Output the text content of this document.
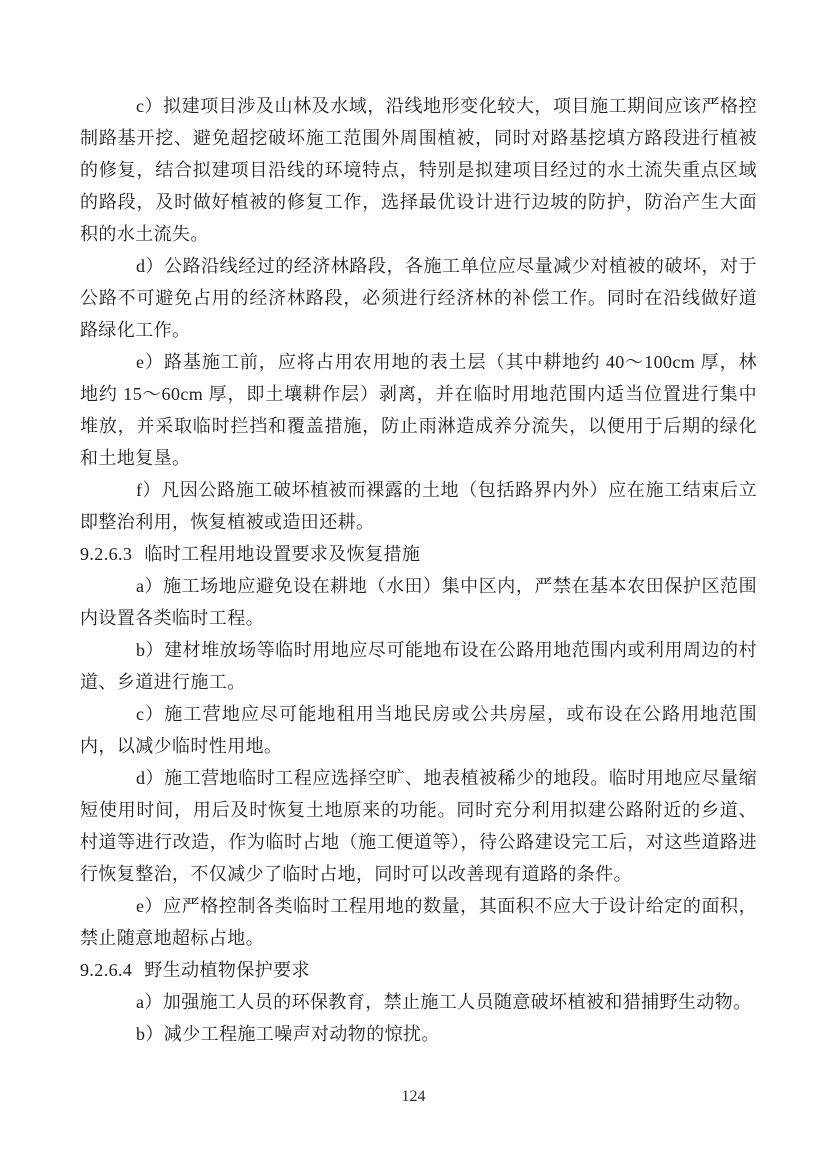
c）拟建项目涉及山林及水域，沿线地形变化较大，项目施工期间应该严格控制路基开挖、避免超挖破坏施工范围外周围植被，同时对路基挖填方路段进行植被的修复，结合拟建项目沿线的环境特点，特别是拟建项目经过的水土流失重点区域的路段，及时做好植被的修复工作，选择最优设计进行边坡的防护，防治产生大面积的水土流失。

d）公路沿线经过的经济林路段，各施工单位应尽量减少对植被的破坏，对于公路不可避免占用的经济林路段，必须进行经济林的补偿工作。同时在沿线做好道路绿化工作。

e）路基施工前，应将占用农用地的表土层（其中耕地约 40～100cm 厚，林地约 15～60cm 厚，即土壤耕作层）剥离，并在临时用地范围内适当位置进行集中堆放，并采取临时拦挡和覆盖措施，防止雨淋造成养分流失，以便用于后期的绿化和土地复垦。

f）凡因公路施工破坏植被而裸露的土地（包括路界内外）应在施工结束后立即整治利用，恢复植被或造田还耕。

9.2.6.3 临时工程用地设置要求及恢复措施

a）施工场地应避免设在耕地（水田）集中区内，严禁在基本农田保护区范围内设置各类临时工程。

b）建材堆放场等临时用地应尽可能地布设在公路用地范围内或利用周边的村道、乡道进行施工。

c）施工营地应尽可能地租用当地民房或公共房屋，或布设在公路用地范围内，以减少临时性用地。

d）施工营地临时工程应选择空旷、地表植被稀少的地段。临时用地应尽量缩短使用时间，用后及时恢复土地原来的功能。同时充分利用拟建公路附近的乡道、村道等进行改造，作为临时占地（施工便道等），待公路建设完工后，对这些道路进行恢复整治，不仅减少了临时占地，同时可以改善现有道路的条件。

e）应严格控制各类临时工程用地的数量，其面积不应大于设计给定的面积，禁止随意地超标占地。

9.2.6.4 野生动植物保护要求

a）加强施工人员的环保教育，禁止施工人员随意破坏植被和猎捕野生动物。

b）减少工程施工噪声对动物的惊扰。

124
